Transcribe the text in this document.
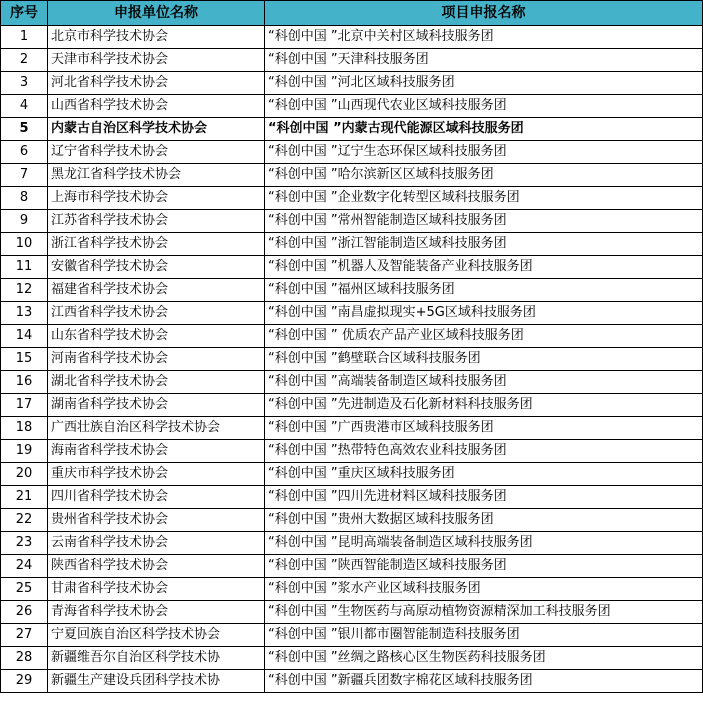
序号	申报单位名称	项目申报名称
1	北京市科学技术协会	“科创中国 ”北京中关村区域科技服务团
2	天津市科学技术协会	“科创中国 ”天津科技服务团
3	河北省科学技术协会	“科创中国 ”河北区域科技服务团
4	山西省科学技术协会	“科创中国 ”山西现代农业区域科技服务团
5	内蒙古自治区科学技术协会	“科创中国 ”内蒙古现代能源区域科技服务团
6	辽宁省科学技术协会	“科创中国 ”辽宁生态环保区域科技服务团
7	黑龙江省科学技术协会	“科创中国 ”哈尔滨新区区域科技服务团
8	上海市科学技术协会	“科创中国 ”企业数字化转型区域科技服务团
9	江苏省科学技术协会	“科创中国 ”常州智能制造区域科技服务团
10	浙江省科学技术协会	“科创中国 ”浙江智能制造区域科技服务团
11	安徽省科学技术协会	“科创中国 ”机器人及智能装备产业科技服务团
12	福建省科学技术协会	“科创中国 ”福州区域科技服务团
13	江西省科学技术协会	“科创中国 ”南昌虚拟现实+5G区域科技服务团
14	山东省科学技术协会	“科创中国 ” 优质农产品产业区域科技服务团
15	河南省科学技术协会	“科创中国 ”鹤壁联合区域科技服务团
16	湖北省科学技术协会	“科创中国 ”高端装备制造区域科技服务团
17	湖南省科学技术协会	“科创中国 ”先进制造及石化新材料科技服务团
18	广西壮族自治区科学技术协会	“科创中国 ”广西贵港市区域科技服务团
19	海南省科学技术协会	“科创中国 ”热带特色高效农业科技服务团
20	重庆市科学技术协会	“科创中国 ”重庆区域科技服务团
21	四川省科学技术协会	“科创中国 ”四川先进材料区域科技服务团
22	贵州省科学技术协会	“科创中国 ”贵州大数据区域科技服务团
23	云南省科学技术协会	“科创中国 ”昆明高端装备制造区域科技服务团
24	陕西省科学技术协会	“科创中国 ”陕西智能制造区域科技服务团
25	甘肃省科学技术协会	“科创中国 ”浆水产业区域科技服务团
26	青海省科学技术协会	“科创中国 ”生物医药与高原动植物资源精深加工科技服务团
27	宁夏回族自治区科学技术协会	“科创中国 ”银川都市圈智能制造科技服务团
28	新疆维吾尔自治区科学技术协	“科创中国 ”丝绸之路核心区生物医药科技服务团
29	新疆生产建设兵团科学技术协	“科创中国 ”新疆兵团数字棉花区域科技服务团
